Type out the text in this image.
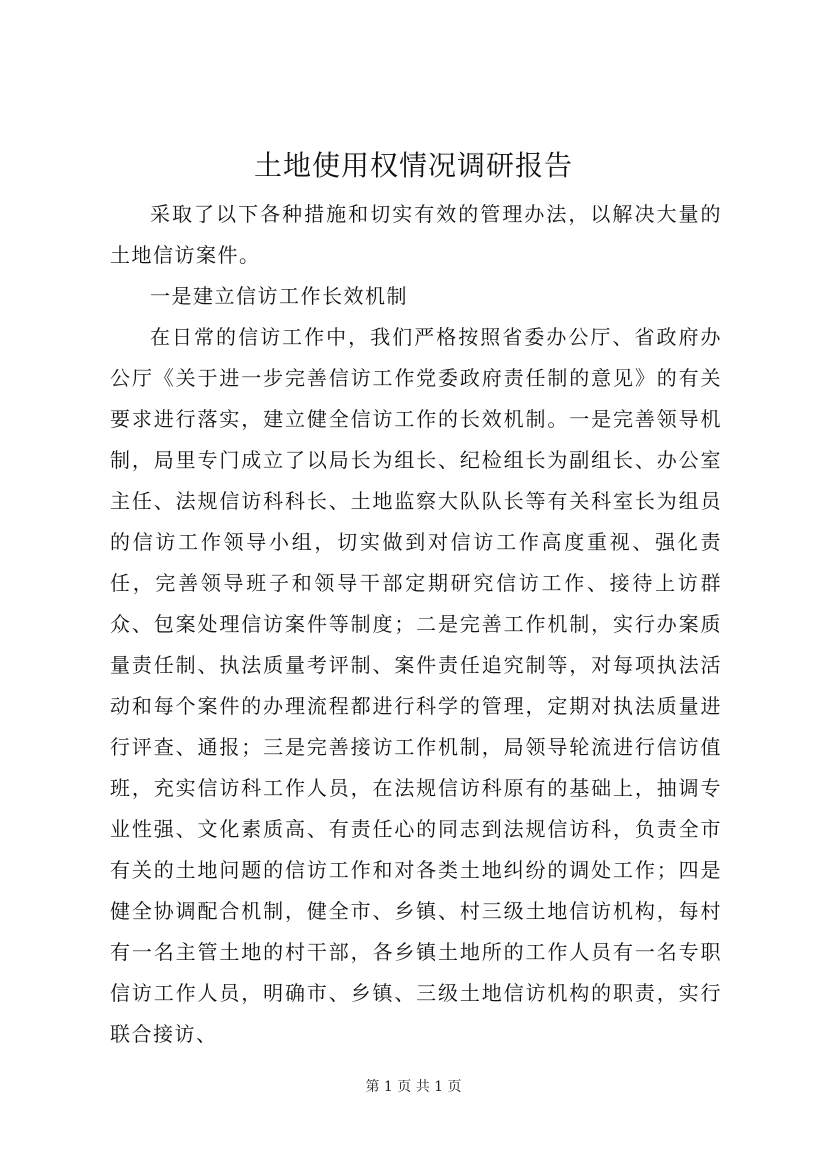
土地使用权情况调研报告

采取了以下各种措施和切实有效的管理办法，以解决大量的土地信访案件。

一是建立信访工作长效机制

在日常的信访工作中，我们严格按照省委办公厅、省政府办公厅《关于进一步完善信访工作党委政府责任制的意见》的有关要求进行落实，建立健全信访工作的长效机制。一是完善领导机制，局里专门成立了以局长为组长、纪检组长为副组长、办公室主任、法规信访科科长、土地监察大队队长等有关科室长为组员的信访工作领导小组，切实做到对信访工作高度重视、强化责任，完善领导班子和领导干部定期研究信访工作、接待上访群众、包案处理信访案件等制度；二是完善工作机制，实行办案质量责任制、执法质量考评制、案件责任追究制等，对每项执法活动和每个案件的办理流程都进行科学的管理，定期对执法质量进行评查、通报；三是完善接访工作机制，局领导轮流进行信访值班，充实信访科工作人员，在法规信访科原有的基础上，抽调专业性强、文化素质高、有责任心的同志到法规信访科，负责全市有关的土地问题的信访工作和对各类土地纠纷的调处工作；四是健全协调配合机制，健全市、乡镇、村三级土地信访机构，每村有一名主管土地的村干部，各乡镇土地所的工作人员有一名专职信访工作人员，明确市、乡镇、三级土地信访机构的职责，实行联合接访、

第 1 页 共 1 页
